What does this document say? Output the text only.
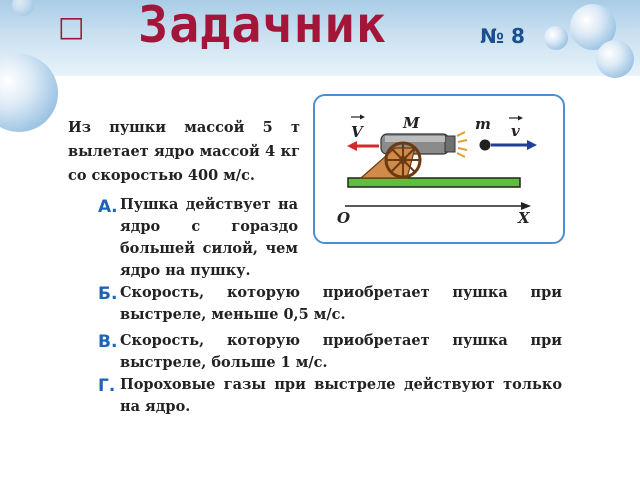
□ Задачник	№ 8
Из пушки массой 5 т вылетает ядро массой 4 кг со скоростью 400 м/с.
M	m
V	v
O	X
А. Пушка действует на ядро с гораздо большей силой, чем ядро на пушку.
Б. Скорость, которую приобретает пушка при выстреле, меньше 0,5 м/с.
В. Скорость, которую приобретает пушка при выстреле, больше 1 м/с.
Г. Пороховые газы при выстреле действуют только на ядро.
